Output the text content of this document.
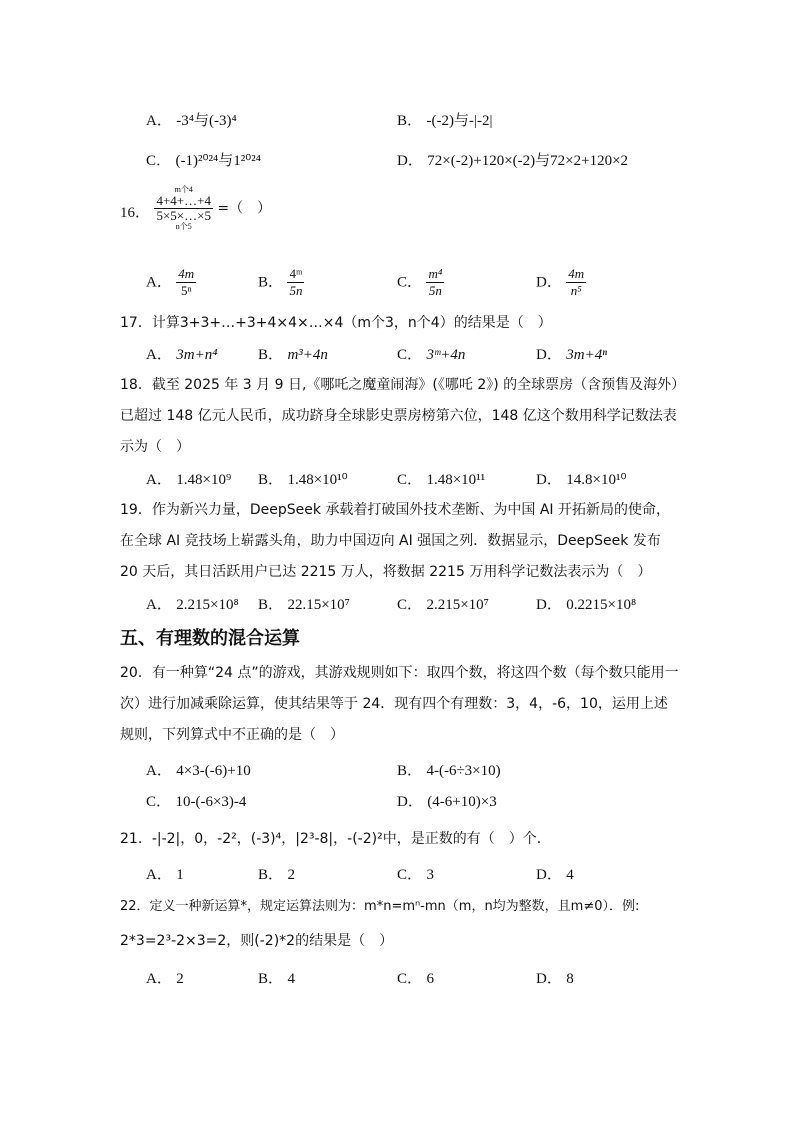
A． -3⁴与(-3)⁴	B． -(-2)与-|-2|
C． (-1)²⁰²⁴与1²⁰²⁴	D． 72×(-2)+120×(-2)与72×2+120×2
16．
m个4
4+4+…+4
5×5×…×5
n个5
=（　）
A． $\frac{4m}{\text{5ⁿ}}$	B． $\frac{\text{4ᵐ}}{5n}$	C． $\frac{\text{m⁴}}{5n}$	D． $\frac{4m}{\text{n⁵}}$
17．计算3+3+…+3+4×4×…×4（m个3，n个4）的结果是（　）
A． 3m+n⁴	B． m³+4n	C． 3ᵐ+4n	D． 3m+4ⁿ
18．截至 2025 年 3 月 9 日,《哪吒之魔童闹海》(《哪吒 2》) 的全球票房（含预售及海外）已超过 148 亿元人民币，成功跻身全球影史票房榜第六位，148 亿这个数用科学记数法表示为（　）
A． 1.48×10⁹ B． 1.48×10¹⁰	C． 1.48×10¹¹	D． 14.8×10¹⁰
19．作为新兴力量，DeepSeek 承载着打破国外技术垄断、为中国 AI 开拓新局的使命，在全球 AI 竞技场上崭露头角，助力中国迈向 AI 强国之列．数据显示，DeepSeek 发布 20 天后，其日活跃用户已达 2215 万人，将数据 2215 万用科学记数法表示为（　）
A． 2.215×10⁸ B． 22.15×10⁷	C． 2.215×10⁷	D． 0.2215×10⁸
五、有理数的混合运算
20．有一种算“24 点”的游戏，其游戏规则如下：取四个数，将这四个数（每个数只能用一次）进行加减乘除运算，使其结果等于 24．现有四个有理数：3，4，-6，10，运用上述规则，下列算式中不正确的是（　）
A． 4×3-(-6)+10	B． 4-(-6÷3×10)
C． 10-(-6×3)-4	D． (4-6+10)×3
21．-|-2|，0，-2²，(-3)⁴，|2³-8|，-(-2)²中，是正数的有（　）个．
A． 1	B． 2	C． 3	D． 4
22．定义一种新运算*，规定运算法则为：m*n=mⁿ-mn（m，n均为整数，且m≠0）．例:
2*3=2³-2×3=2，则(-2)*2的结果是（　）
A． 2	B． 4	C． 6	D． 8
